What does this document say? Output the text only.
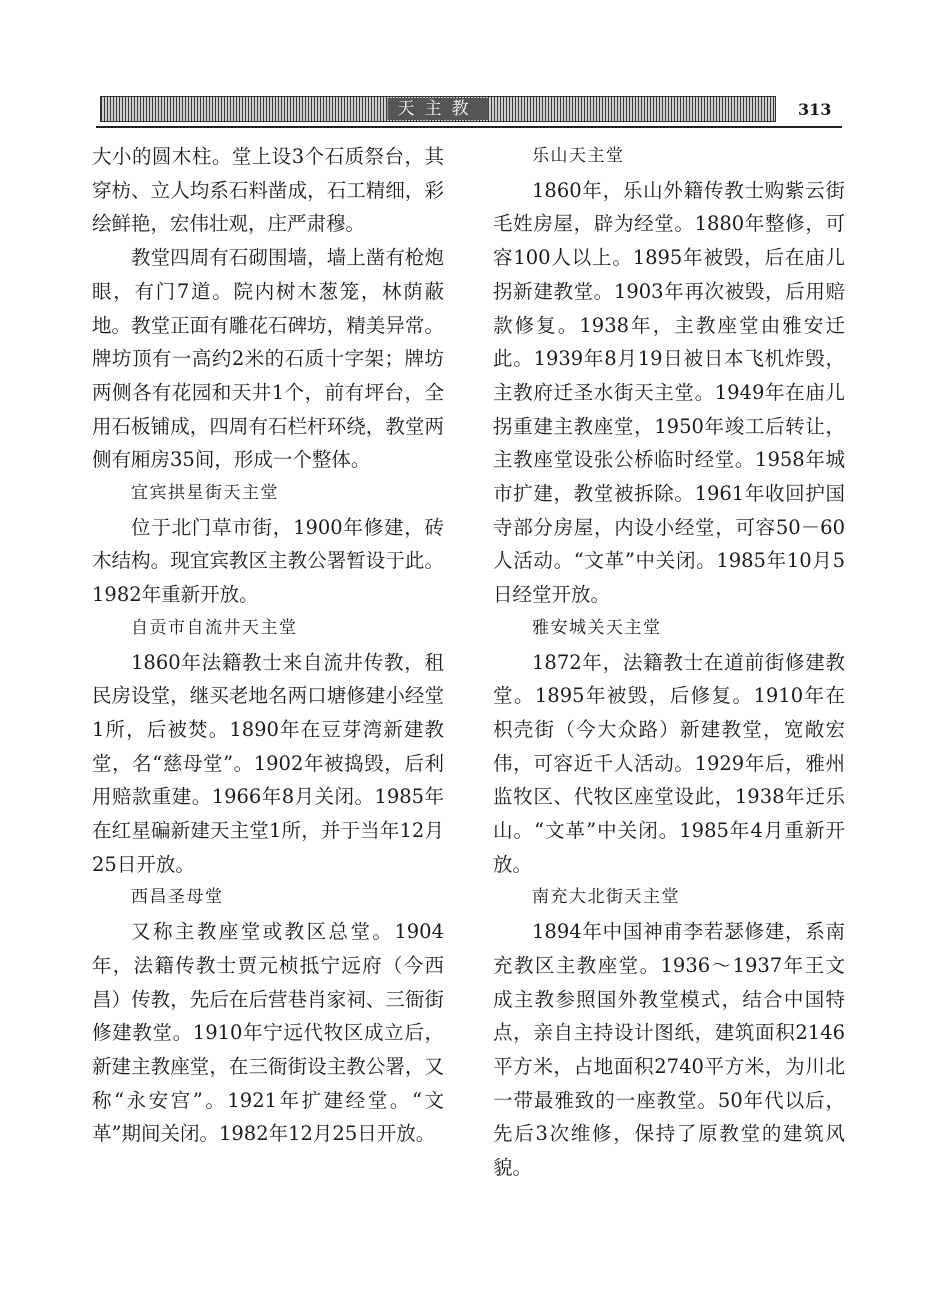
天主教	313

大小的圆木柱。堂上设3个石质祭台，其穿枋、立人均系石料凿成，石工精细，彩绘鲜艳，宏伟壮观，庄严肃穆。

教堂四周有石砌围墙，墙上凿有枪炮眼，有门7道。院内树木葱笼，林荫蔽地。教堂正面有雕花石碑坊，精美异常。牌坊顶有一高约2米的石质十字架；牌坊两侧各有花园和天井1个，前有坪台，全用石板铺成，四周有石栏杆环绕，教堂两侧有厢房35间，形成一个整体。

宜宾拱星街天主堂

位于北门草市街，1900年修建，砖木结构。现宜宾教区主教公署暂设于此。1982年重新开放。

自贡市自流井天主堂

1860年法籍教士来自流井传教，租民房设堂，继买老地名两口塘修建小经堂1所，后被焚。1890年在豆芽湾新建教堂，名“慈母堂”。1902年被捣毁，后利用赔款重建。1966年8月关闭。1985年在红星碥新建天主堂1所，并于当年12月25日开放。

西昌圣母堂

又称主教座堂或教区总堂。1904年，法籍传教士贾元桢抵宁远府（今西昌）传教，先后在后营巷肖家祠、三衙街修建教堂。1910年宁远代牧区成立后，新建主教座堂，在三衙街设主教公署，又称“永安宫”。1921年扩建经堂。“文革”期间关闭。1982年12月25日开放。

乐山天主堂

1860年，乐山外籍传教士购紫云街毛姓房屋，辟为经堂。1880年整修，可容100人以上。1895年被毁，后在庙儿拐新建教堂。1903年再次被毁，后用赔款修复。1938年，主教座堂由雅安迁此。1939年8月19日被日本飞机炸毁，主教府迁圣水街天主堂。1949年在庙儿拐重建主教座堂，1950年竣工后转让，主教座堂设张公桥临时经堂。1958年城市扩建，教堂被拆除。1961年收回护国寺部分房屋，内设小经堂，可容50－60人活动。“文革”中关闭。1985年10月5日经堂开放。

雅安城关天主堂

1872年，法籍教士在道前街修建教堂。1895年被毁，后修复。1910年在枳壳街（今大众路）新建教堂，宽敞宏伟，可容近千人活动。1929年后，雅州监牧区、代牧区座堂设此，1938年迁乐山。“文革”中关闭。1985年4月重新开放。

南充大北街天主堂

1894年中国神甫李若瑟修建，系南充教区主教座堂。1936～1937年王文成主教参照国外教堂模式，结合中国特点，亲自主持设计图纸，建筑面积2146平方米，占地面积2740平方米，为川北一带最雅致的一座教堂。50年代以后，先后3次维修，保持了原教堂的建筑风貌。
